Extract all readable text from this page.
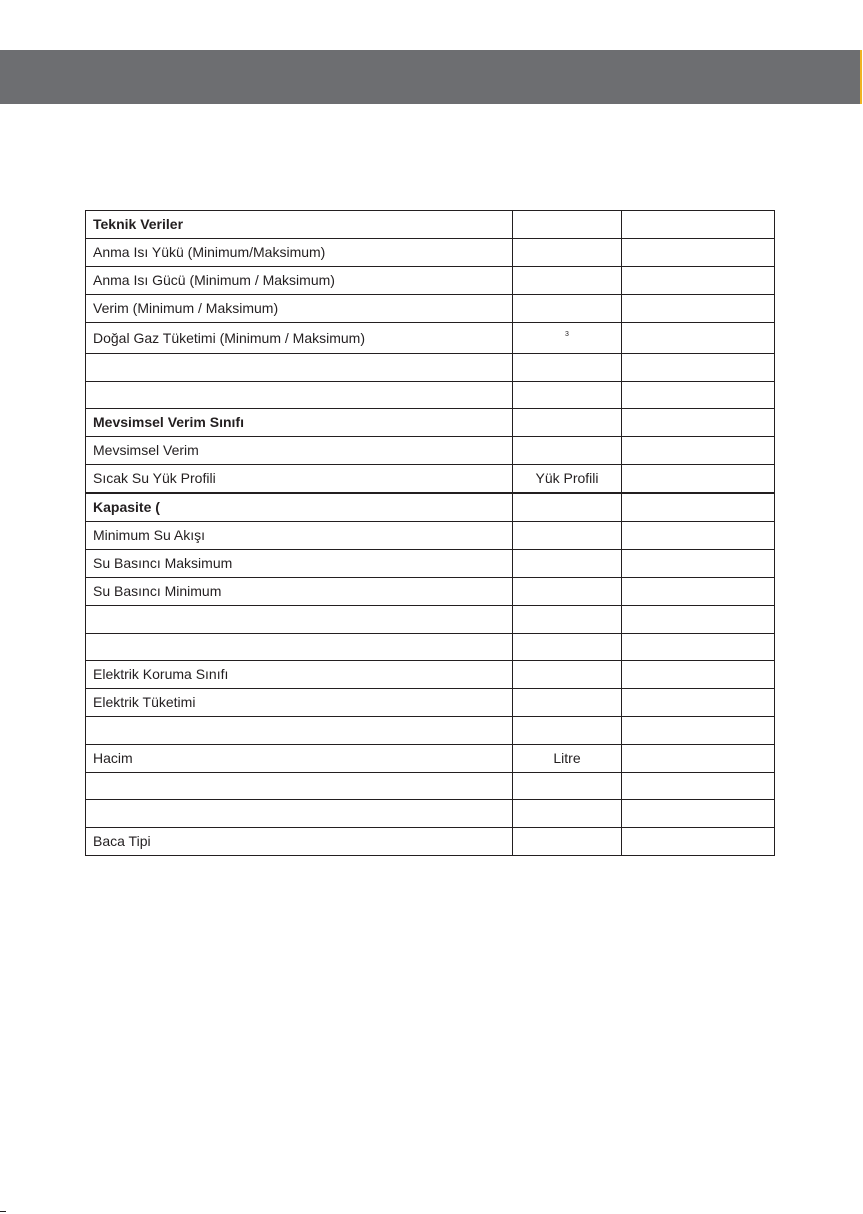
Teknik Veriler		
Anma Isı Yükü (Minimum/Maksimum)		
Anma Isı Gücü (Minimum / Maksimum)		
Verim (Minimum / Maksimum)		
Doğal Gaz Tüketimi (Minimum / Maksimum)	$^3$	

Mevsimsel Verim Sınıfı		
Mevsimsel Verim		
Sıcak Su Yük Profili	Yük Profili	
Kapasite (		
Minimum Su Akışı		
Su Basıncı Maksimum		
Su Basıncı Minimum		

Elektrik Koruma Sınıfı		
Elektrik Tüketimi		

Hacim	Litre	

Baca Tipi		
